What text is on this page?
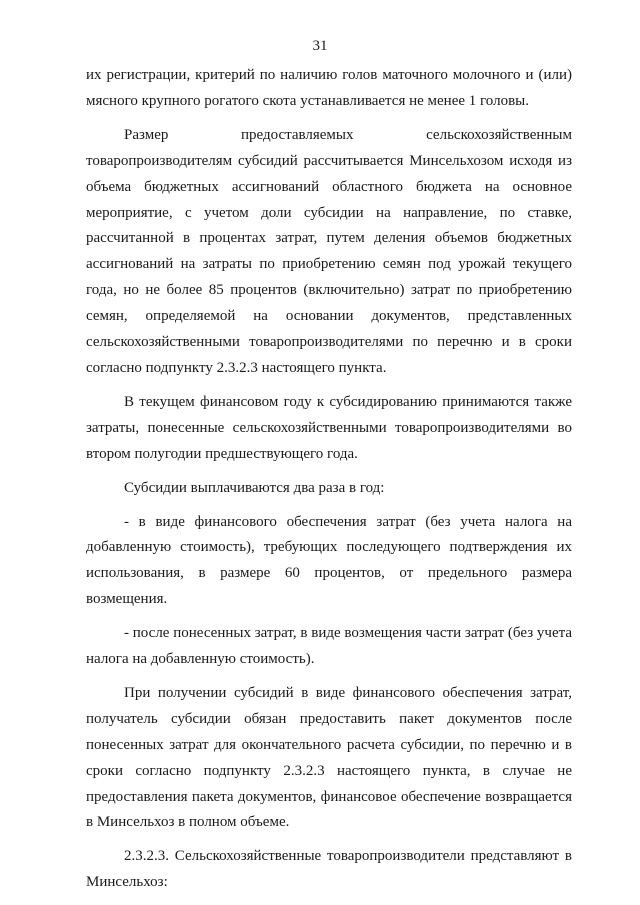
31

их регистрации, критерий по наличию голов маточного молочного и (или) мясного крупного рогатого скота устанавливается не менее 1 головы.

Размер предоставляемых сельскохозяйственным товаропроизводителям субсидий рассчитывается Минсельхозом исходя из объема бюджетных ассигнований областного бюджета на основное мероприятие, с учетом доли субсидии на направление, по ставке, рассчитанной в процентах затрат, путем деления объемов бюджетных ассигнований на затраты по приобретению семян под урожай текущего года, но не более 85 процентов (включительно) затрат по приобретению семян, определяемой на основании документов, представленных сельскохозяйственными товаропроизводителями по перечню и в сроки согласно подпункту 2.3.2.3 настоящего пункта.

В текущем финансовом году к субсидированию принимаются также затраты, понесенные сельскохозяйственными товаропроизводителями во втором полугодии предшествующего года.

Субсидии выплачиваются два раза в год:

- в виде финансового обеспечения затрат (без учета налога на добавленную стоимость), требующих последующего подтверждения их использования, в размере 60 процентов, от предельного размера возмещения.

- после понесенных затрат, в виде возмещения части затрат (без учета налога на добавленную стоимость).

При получении субсидий в виде финансового обеспечения затрат, получатель субсидии обязан предоставить пакет документов после понесенных затрат для окончательного расчета субсидии, по перечню и в сроки согласно подпункту 2.3.2.3 настоящего пункта, в случае не предоставления пакета документов, финансовое обеспечение возвращается в Минсельхоз в полном объеме.

2.3.2.3. Сельскохозяйственные товаропроизводители представляют в Минсельхоз:
